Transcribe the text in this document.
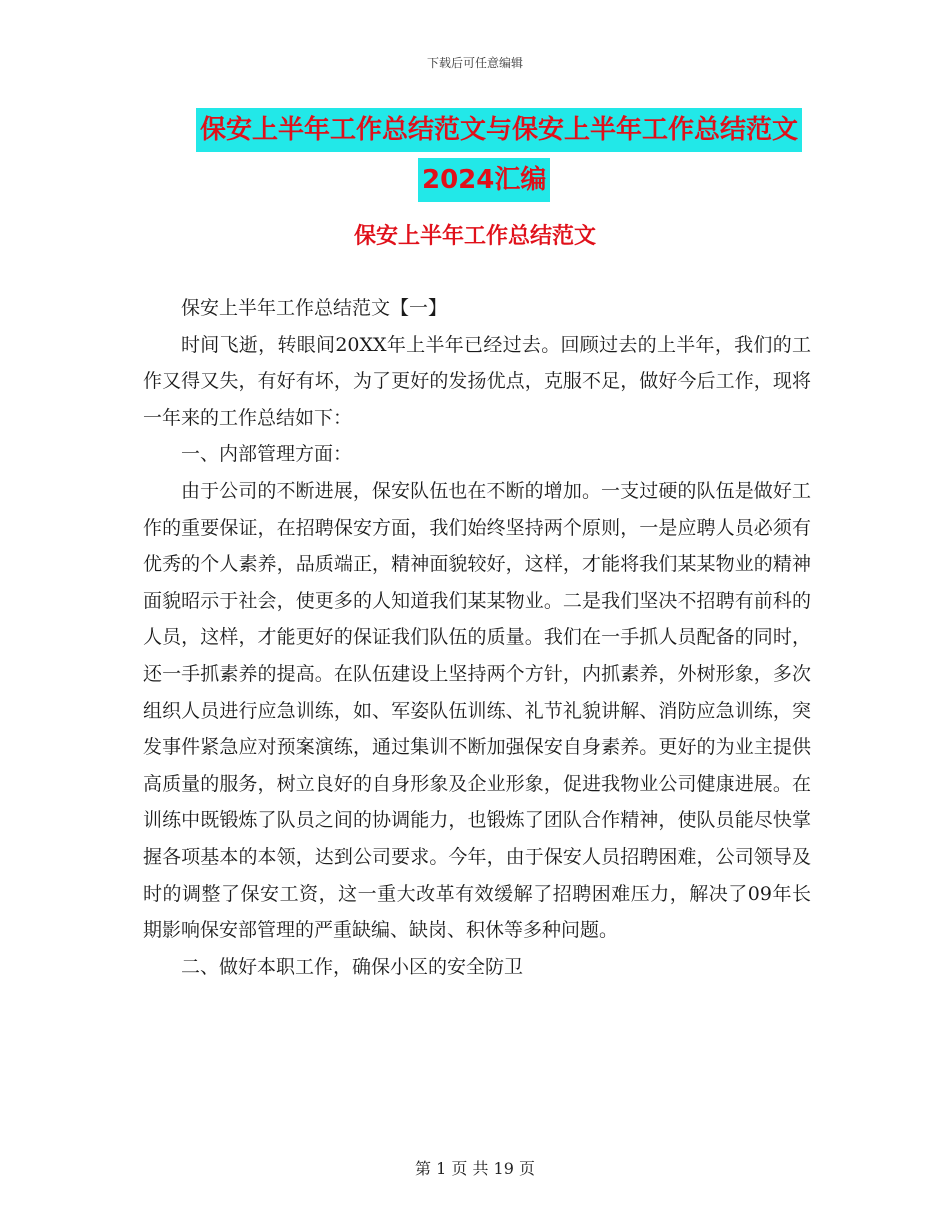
下载后可任意编辑
保安上半年工作总结范文与保安上半年工作总结范文
2024汇编
保安上半年工作总结范文

保安上半年工作总结范文【一】

时间飞逝，转眼间20XX年上半年已经过去。回顾过去的上半年，我们的工作又得又失，有好有坏，为了更好的发扬优点，克服不足，做好今后工作，现将一年来的工作总结如下：

一、内部管理方面：

由于公司的不断进展，保安队伍也在不断的增加。一支过硬的队伍是做好工作的重要保证，在招聘保安方面，我们始终坚持两个原则，一是应聘人员必须有优秀的个人素养，品质端正，精神面貌较好，这样，才能将我们某某物业的精神面貌昭示于社会，使更多的人知道我们某某物业。二是我们坚决不招聘有前科的人员，这样，才能更好的保证我们队伍的质量。我们在一手抓人员配备的同时，还一手抓素养的提高。在队伍建设上坚持两个方针，内抓素养，外树形象，多次组织人员进行应急训练，如、军姿队伍训练、礼节礼貌讲解、消防应急训练，突发事件紧急应对预案演练，通过集训不断加强保安自身素养。更好的为业主提供高质量的服务，树立良好的自身形象及企业形象，促进我物业公司健康进展。在训练中既锻炼了队员之间的协调能力，也锻炼了团队合作精神，使队员能尽快掌握各项基本的本领，达到公司要求。今年，由于保安人员招聘困难，公司领导及时的调整了保安工资，这一重大改革有效缓解了招聘困难压力，解决了09年长期影响保安部管理的严重缺编、缺岗、积休等多种问题。

二、做好本职工作，确保小区的安全防卫

第 1 页 共 19 页
